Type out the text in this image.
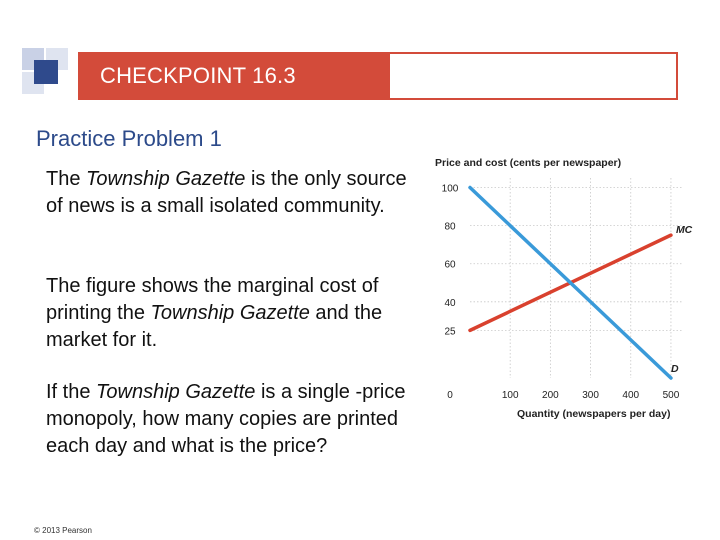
CHECKPOINT 16.3
Practice Problem 1
The Township Gazette is the only source of news is a small isolated community.
The figure shows the marginal cost of printing the Township Gazette and the market for it.
If the Township Gazette is a single -price monopoly, how many copies are printed each day and what is the price?
Price and cost (cents per newspaper)
Quantity (newspapers per day)
0	100 200 300 400 500
25
40
60
80
100
MC
D
© 2013 Pearson
